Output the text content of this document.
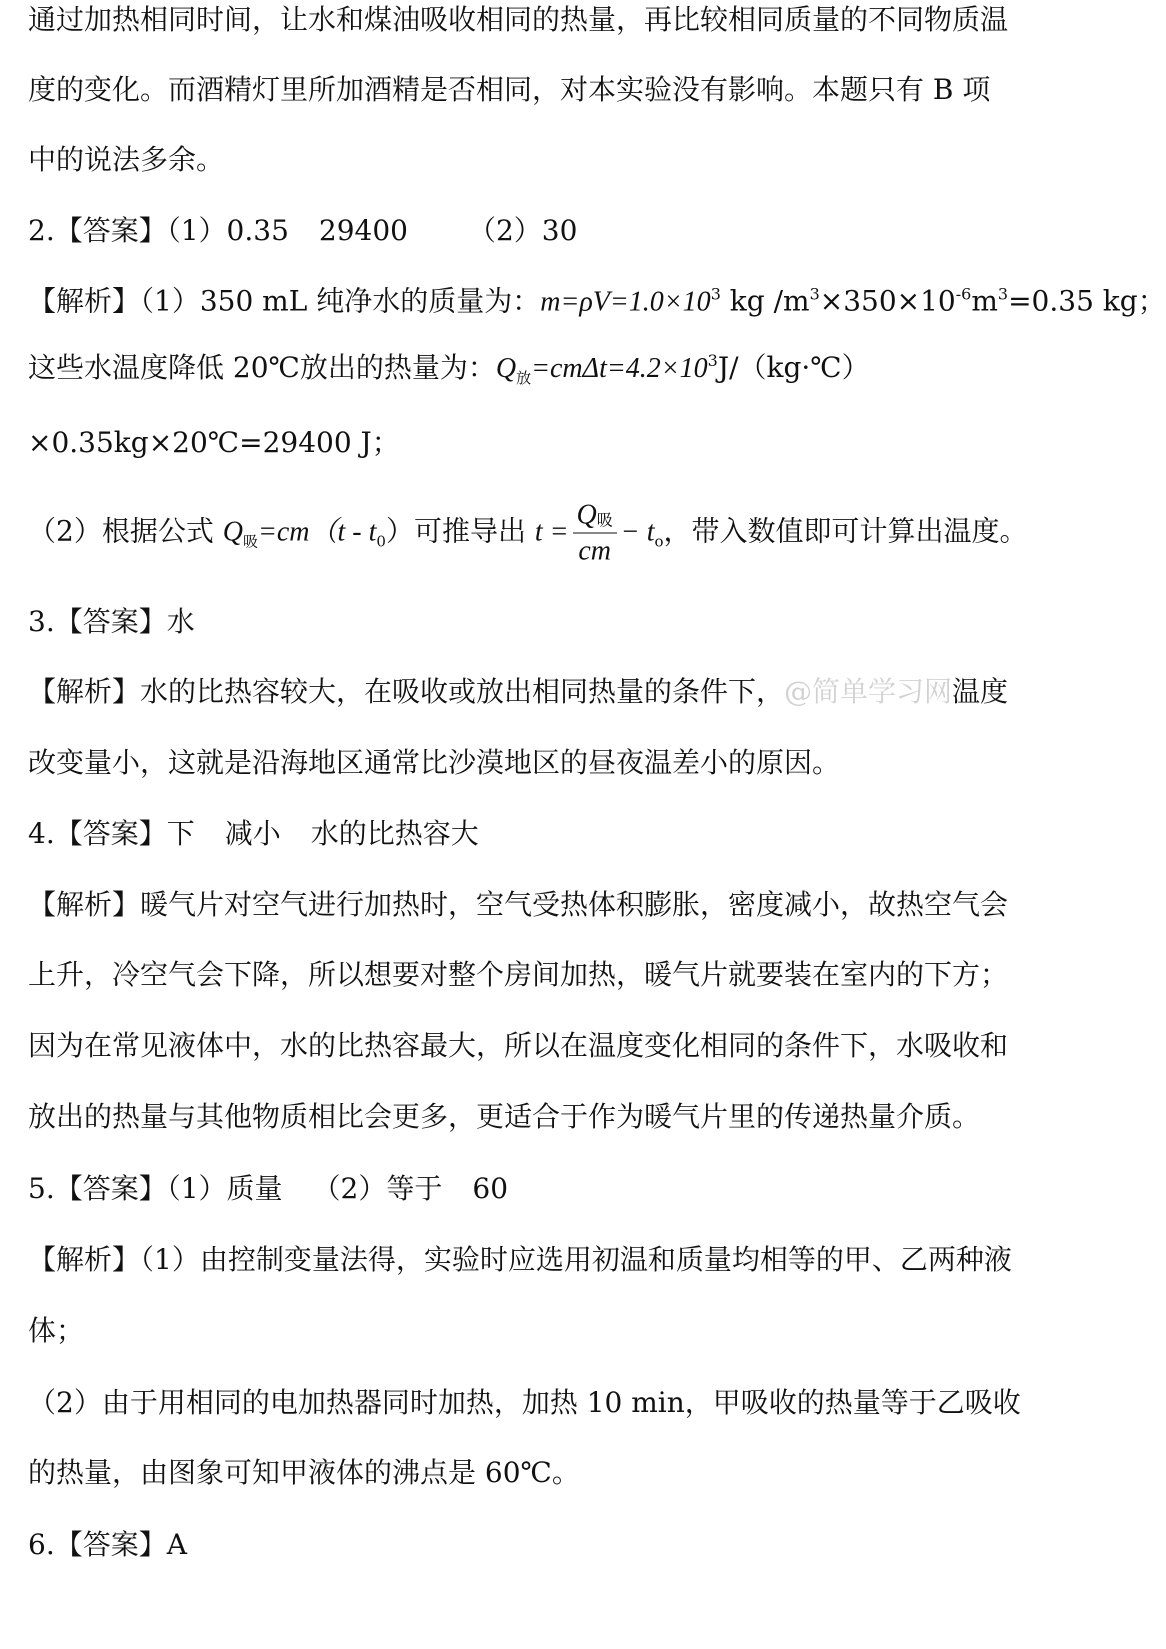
通过加热相同时间，让水和煤油吸收相同的热量，再比较相同质量的不同物质温
度的变化。而酒精灯里所加酒精是否相同，对本实验没有影响。本题只有 B 项
中的说法多余。
2.【答案】（1）0.35 29400 （2）30
【解析】（1）350 mL 纯净水的质量为：$m=\rho V=1.0\times 10^3$ kg $/m^3\times 350\times 10^{-6}m^3=0.35$ kg；
这些水温度降低 20℃放出的热量为：$Q_放=cm\Delta t=4.2\times 10^3J/(kg\cdot℃)$
×0.35kg×20℃=29400 J；
（2）根据公式 $Q_吸=cm(t - t_0)$可推导出 $t = \frac{\text{Q吸}}{cm} - t_o$，带入数值即可计算出温度。
3.【答案】水
【解析】水的比热容较大，在吸收或放出相同热量的条件下，@简单学习网温度
改变量小，这就是沿海地区通常比沙漠地区的昼夜温差小的原因。
4.【答案】下 减小 水的比热容大
【解析】暖气片对空气进行加热时，空气受热体积膨胀，密度减小，故热空气会
上升，冷空气会下降，所以想要对整个房间加热，暖气片就要装在室内的下方；
因为在常见液体中，水的比热容最大，所以在温度变化相同的条件下，水吸收和
放出的热量与其他物质相比会更多，更适合于作为暖气片里的传递热量介质。
5.【答案】（1）质量 （2）等于 60
【解析】（1）由控制变量法得，实验时应选用初温和质量均相等的甲、乙两种液
体；
（2）由于用相同的电加热器同时加热，加热 10 min，甲吸收的热量等于乙吸收
的热量，由图象可知甲液体的沸点是 60℃。
6.【答案】A
